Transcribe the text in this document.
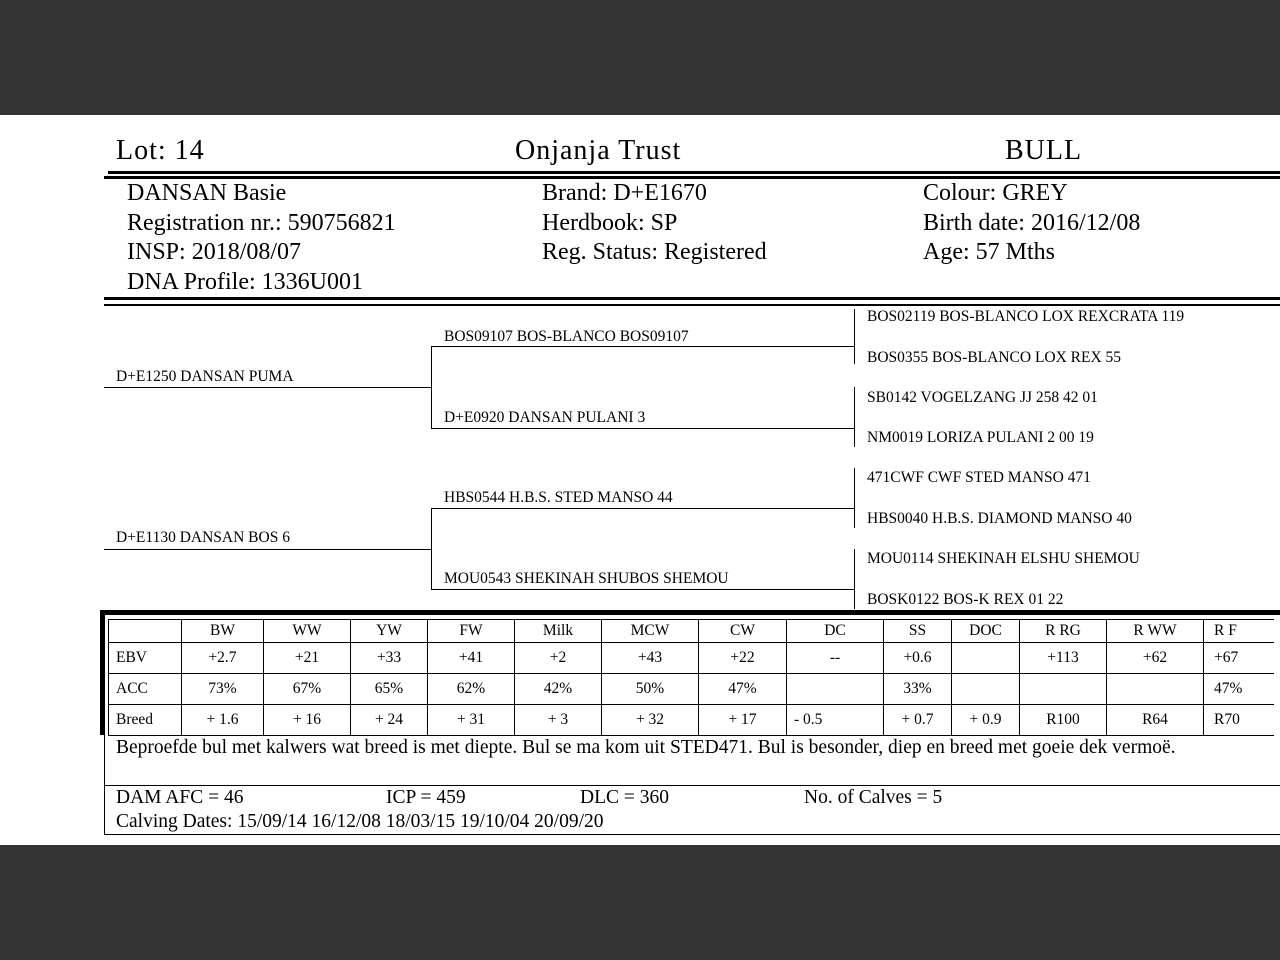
Lot: 14	Onjanja Trust	BULL
DANSAN Basie
Registration nr.: 590756821
INSP: 2018/08/07
DNA Profile: 1336U001
Brand: D+E1670
Herdbook: SP
Reg. Status: Registered
Colour: GREY
Birth date: 2016/12/08
Age: 57 Mths
D+E1250 DANSAN PUMA
D+E1130 DANSAN BOS 6
BOS09107 BOS-BLANCO BOS09107
D+E0920 DANSAN PULANI 3
HBS0544 H.B.S. STED MANSO 44
MOU0543 SHEKINAH SHUBOS SHEMOU
BOS02119 BOS-BLANCO LOX REXCRATA 119
BOS0355 BOS-BLANCO LOX REX 55
SB0142 VOGELZANG JJ 258 42 01
NM0019 LORIZA PULANI 2 00 19
471CWF CWF STED MANSO 471
HBS0040 H.B.S. DIAMOND MANSO 40
MOU0114 SHEKINAH ELSHU SHEMOU
BOSK0122 BOS-K REX 01 22
	BW	WW	YW	FW	Milk	MCW	CW	DC	SS	DOC	R RG	R WW	R F
EBV	+2.7	+21	+33	+41	+2	+43	+22	--	+0.6		+113	+62	+67
ACC	73%	67%	65%	62%	42%	50%	47%		33%				47%
Breed	+ 1.6	+ 16	+ 24	+ 31	+ 3	+ 32	+ 17	- 0.5	+ 0.7	+ 0.9	R100	R64	R70
Beproefde bul met kalwers wat breed is met diepte. Bul se ma kom uit STED471. Bul is besonder, diep en breed met goeie dek vermoë.
DAM AFC = 46	ICP = 459	DLC = 360	No. of Calves = 5
Calving Dates: 15/09/14 16/12/08 18/03/15 19/10/04 20/09/20
